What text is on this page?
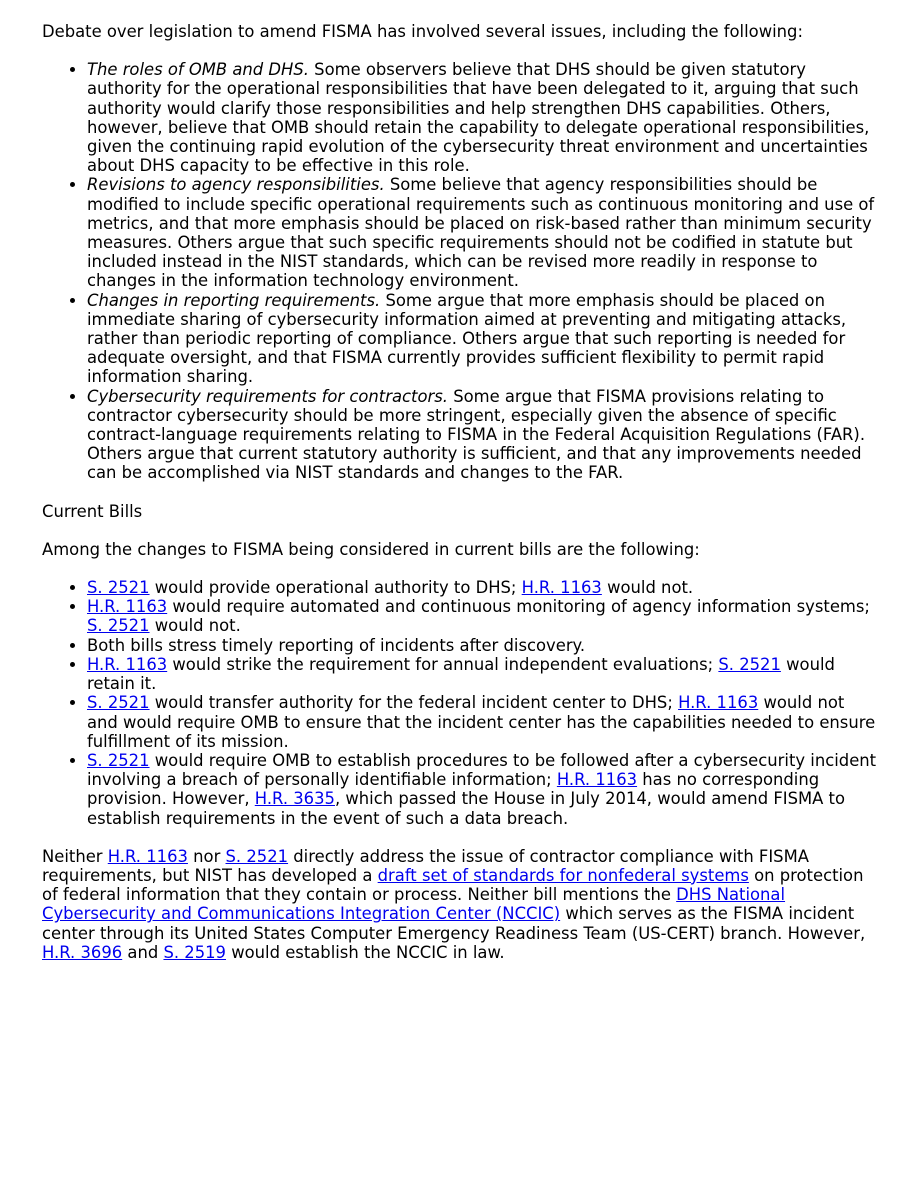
Debate over legislation to amend FISMA has involved several issues, including the following:

• The roles of OMB and DHS. Some observers believe that DHS should be given statutory authority for the operational responsibilities that have been delegated to it, arguing that such authority would clarify those responsibilities and help strengthen DHS capabilities. Others, however, believe that OMB should retain the capability to delegate operational responsibilities, given the continuing rapid evolution of the cybersecurity threat environment and uncertainties about DHS capacity to be effective in this role.
• Revisions to agency responsibilities. Some believe that agency responsibilities should be modified to include specific operational requirements such as continuous monitoring and use of metrics, and that more emphasis should be placed on risk-based rather than minimum security measures. Others argue that such specific requirements should not be codified in statute but included instead in the NIST standards, which can be revised more readily in response to changes in the information technology environment.
• Changes in reporting requirements. Some argue that more emphasis should be placed on immediate sharing of cybersecurity information aimed at preventing and mitigating attacks, rather than periodic reporting of compliance. Others argue that such reporting is needed for adequate oversight, and that FISMA currently provides sufficient flexibility to permit rapid information sharing.
• Cybersecurity requirements for contractors. Some argue that FISMA provisions relating to contractor cybersecurity should be more stringent, especially given the absence of specific contract-language requirements relating to FISMA in the Federal Acquisition Regulations (FAR). Others argue that current statutory authority is sufficient, and that any improvements needed can be accomplished via NIST standards and changes to the FAR.

Current Bills

Among the changes to FISMA being considered in current bills are the following:

• S. 2521 would provide operational authority to DHS; H.R. 1163 would not.
• H.R. 1163 would require automated and continuous monitoring of agency information systems; S. 2521 would not.
• Both bills stress timely reporting of incidents after discovery.
• H.R. 1163 would strike the requirement for annual independent evaluations; S. 2521 would retain it.
• S. 2521 would transfer authority for the federal incident center to DHS; H.R. 1163 would not and would require OMB to ensure that the incident center has the capabilities needed to ensure fulfillment of its mission.
• S. 2521 would require OMB to establish procedures to be followed after a cybersecurity incident involving a breach of personally identifiable information; H.R. 1163 has no corresponding provision. However, H.R. 3635, which passed the House in July 2014, would amend FISMA to establish requirements in the event of such a data breach.

Neither H.R. 1163 nor S. 2521 directly address the issue of contractor compliance with FISMA requirements, but NIST has developed a draft set of standards for nonfederal systems on protection of federal information that they contain or process. Neither bill mentions the DHS National Cybersecurity and Communications Integration Center (NCCIC) which serves as the FISMA incident center through its United States Computer Emergency Readiness Team (US-CERT) branch. However, H.R. 3696 and S. 2519 would establish the NCCIC in law.
